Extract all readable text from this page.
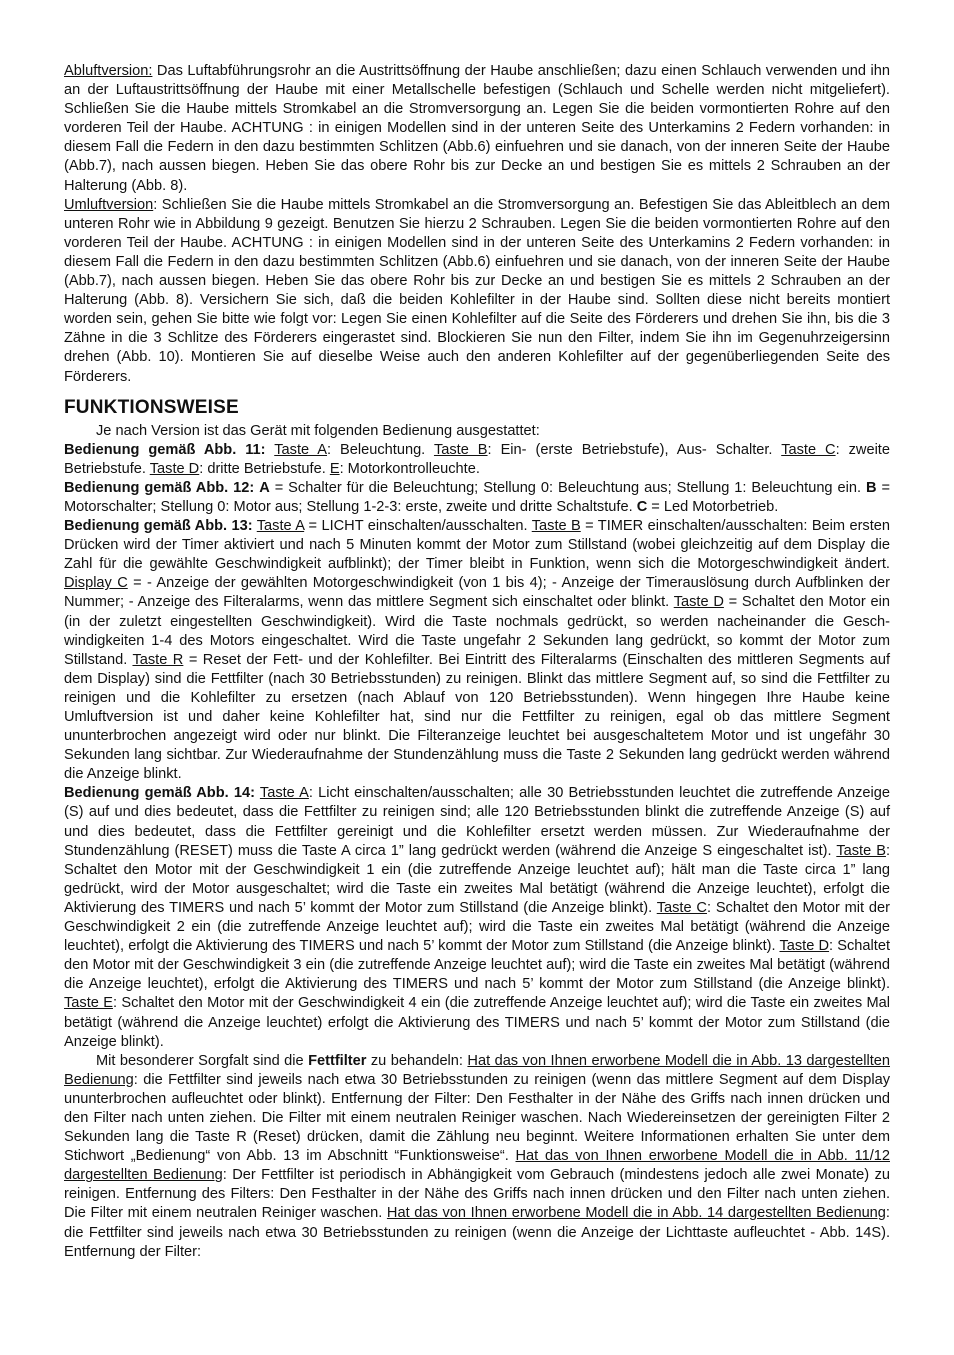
Abluftversion: Das Luftabführungsrohr an die Austrittsöffnung der Haube anschließen; dazu einen Schlauch verwenden und ihn an der Luftaustrittsöffnung der Haube mit einer Metallschelle befestigen (Schlauch und Schelle werden nicht mitgeliefert). Schließen Sie die Haube mittels Stromkabel an die Stromversorgung an. Legen Sie die beiden vormontierten Rohre auf den vorderen Teil der Haube. ACHTUNG : in einigen Modellen sind in der unteren Seite des Unterkamins 2 Federn vorhanden: in diesem Fall die Federn in den dazu bestimmten Schlitzen (Abb.6) einfuehren und sie danach, von der inneren Seite der Haube (Abb.7), nach aussen biegen. Heben Sie das obere Rohr bis zur Decke an und bestigen Sie es mittels 2 Schrauben an der Halterung (Abb. 8).

Umluftversion: Schließen Sie die Haube mittels Stromkabel an die Stromversorgung an. Befestigen Sie das Ableitblech an dem unteren Rohr wie in Abbildung 9 gezeigt. Benutzen Sie hierzu 2 Schrauben. Legen Sie die beiden vormontierten Rohre auf den vorderen Teil der Haube. ACHTUNG : in einigen Modellen sind in der unteren Seite des Unterkamins 2 Federn vorhanden: in diesem Fall die Federn in den dazu bestimmten Schlitzen (Abb.6) einfuehren und sie danach, von der inneren Seite der Haube (Abb.7), nach aussen biegen. Heben Sie das obere Rohr bis zur Decke an und bestigen Sie es mittels 2 Schrauben an der Halterung (Abb. 8). Versichern Sie sich, daß die beiden Kohlefilter in der Haube sind. Sollten diese nicht bereits montiert worden sein, gehen Sie bitte wie folgt vor: Legen Sie einen Kohlefilter auf die Seite des Förderers und drehen Sie ihn, bis die 3 Zähne in die 3 Schlitze des Förderers eingerastet sind. Blockieren Sie nun den Filter, indem Sie ihn im Gegenuhrzeigersinn drehen (Abb. 10). Montieren Sie auf dieselbe Weise auch den anderen Kohlefilter auf der gegenüberliegenden Seite des Förderers.

FUNKTIONSWEISE

Je nach Version ist das Gerät mit folgenden Bedienung ausgestattet:

Bedienung gemäß Abb. 11: Taste A: Beleuchtung. Taste B: Ein- (erste Betriebstufe), Aus- Schalter. Taste C: zweite Betriebstufe. Taste D: dritte Betriebstufe. E: Motorkontrolleuchte.

Bedienung gemäß Abb. 12: A = Schalter für die Beleuchtung; Stellung 0: Beleuchtung aus; Stellung 1: Beleuchtung ein. B = Motorschalter; Stellung 0: Motor aus; Stellung 1-2-3: erste, zweite und dritte Schaltstufe. C = Led Motorbetrieb.

Bedienung gemäß Abb. 13: Taste A = LICHT einschalten/ausschalten. Taste B = TIMER einschalten/ausschalten: Beim ersten Drücken wird der Timer aktiviert und nach 5 Minuten kommt der Motor zum Stillstand (wobei gleichzeitig auf dem Display die Zahl für die gewählte Geschwindigkeit aufblinkt); der Timer bleibt in Funktion, wenn sich die Motorgeschwindigkeit ändert. Display C = - Anzeige der gewählten Motorgeschwindigkeit (von 1 bis 4); - Anzeige der Timerauslösung durch Aufblinken der Nummer; - Anzeige des Filteralarms, wenn das mittlere Segment sich einschaltet oder blinkt. Taste D = Schaltet den Motor ein (in der zuletzt eingestellten Geschwindigkeit). Wird die Taste nochmals gedrückt, so werden nacheinander die Gesch-windigkeiten 1-4 des Motors eingeschaltet. Wird die Taste ungefahr 2 Sekunden lang gedrückt, so kommt der Motor zum Stillstand. Taste R = Reset der Fett- und der Kohlefilter. Bei Eintritt des Filteralarms (Einschalten des mittleren Segments auf dem Display) sind die Fettfilter (nach 30 Betriebsstunden) zu reinigen. Blinkt das mittlere Segment auf, so sind die Fettfilter zu reinigen und die Kohlefilter zu ersetzen (nach Ablauf von 120 Betriebsstunden). Wenn hingegen Ihre Haube keine Umluftversion ist und daher keine Kohlefilter hat, sind nur die Fettfilter zu reinigen, egal ob das mittlere Segment ununterbrochen angezeigt wird oder nur blinkt. Die Filteranzeige leuchtet bei ausgeschaltetem Motor und ist ungefähr 30 Sekunden lang sichtbar. Zur Wiederaufnahme der Stundenzählung muss die Taste 2 Sekunden lang gedrückt werden während die Anzeige blinkt.

Bedienung gemäß Abb. 14: Taste A: Licht einschalten/ausschalten; alle 30 Betriebsstunden leuchtet die zutreffende Anzeige (S) auf und dies bedeutet, dass die Fettfilter zu reinigen sind; alle 120 Betriebsstunden blinkt die zutreffende Anzeige (S) auf und dies bedeutet, dass die Fettfilter gereinigt und die Kohlefilter ersetzt werden müssen. Zur Wiederaufnahme der Stundenzählung (RESET) muss die Taste A circa 1” lang gedrückt werden (während die Anzeige S eingeschaltet ist). Taste B: Schaltet den Motor mit der Geschwindigkeit 1 ein (die zutreffende Anzeige leuchtet auf); hält man die Taste circa 1” lang gedrückt, wird der Motor ausgeschaltet; wird die Taste ein zweites Mal betätigt (während die Anzeige leuchtet), erfolgt die Aktivierung des TIMERS und nach 5’ kommt der Motor zum Stillstand (die Anzeige blinkt). Taste C: Schaltet den Motor mit der Geschwindigkeit 2 ein (die zutreffende Anzeige leuchtet auf); wird die Taste ein zweites Mal betätigt (während die Anzeige leuchtet), erfolgt die Aktivierung des TIMERS und nach 5’ kommt der Motor zum Stillstand (die Anzeige blinkt). Taste D: Schaltet den Motor mit der Geschwindigkeit 3 ein (die zutreffende Anzeige leuchtet auf); wird die Taste ein zweites Mal betätigt (während die Anzeige leuchtet), erfolgt die Aktivierung des TIMERS und nach 5’ kommt der Motor zum Stillstand (die Anzeige blinkt). Taste E: Schaltet den Motor mit der Geschwindigkeit 4 ein (die zutreffende Anzeige leuchtet auf); wird die Taste ein zweites Mal betätigt (während die Anzeige leuchtet) erfolgt die Aktivierung des TIMERS und nach 5’ kommt der Motor zum Stillstand (die Anzeige blinkt).

Mit besonderer Sorgfalt sind die Fettfilter zu behandeln: Hat das von Ihnen erworbene Modell die in Abb. 13 dargestellten Bedienung: die Fettfilter sind jeweils nach etwa 30 Betriebsstunden zu reinigen (wenn das mittlere Segment auf dem Display ununterbrochen aufleuchtet oder blinkt). Entfernung der Filter: Den Festhalter in der Nähe des Griffs nach innen drücken und den Filter nach unten ziehen. Die Filter mit einem neutralen Reiniger waschen. Nach Wiedereinsetzen der gereinigten Filter 2 Sekunden lang die Taste R (Reset) drücken, damit die Zählung neu beginnt. Weitere Informationen erhalten Sie unter dem Stichwort „Bedienung“ von Abb. 13 im Abschnitt “Funktionsweise“. Hat das von Ihnen erworbene Modell die in Abb. 11/12 dargestellten Bedienung: Der Fettfilter ist periodisch in Abhängigkeit vom Gebrauch (mindestens jedoch alle zwei Monate) zu reinigen. Entfernung des Filters: Den Festhalter in der Nähe des Griffs nach innen drücken und den Filter nach unten ziehen. Die Filter mit einem neutralen Reiniger waschen. Hat das von Ihnen erworbene Modell die in Abb. 14 dargestellten Bedienung: die Fettfilter sind jeweils nach etwa 30 Betriebsstunden zu reinigen (wenn die Anzeige der Lichttaste aufleuchtet - Abb. 14S). Entfernung der Filter:
